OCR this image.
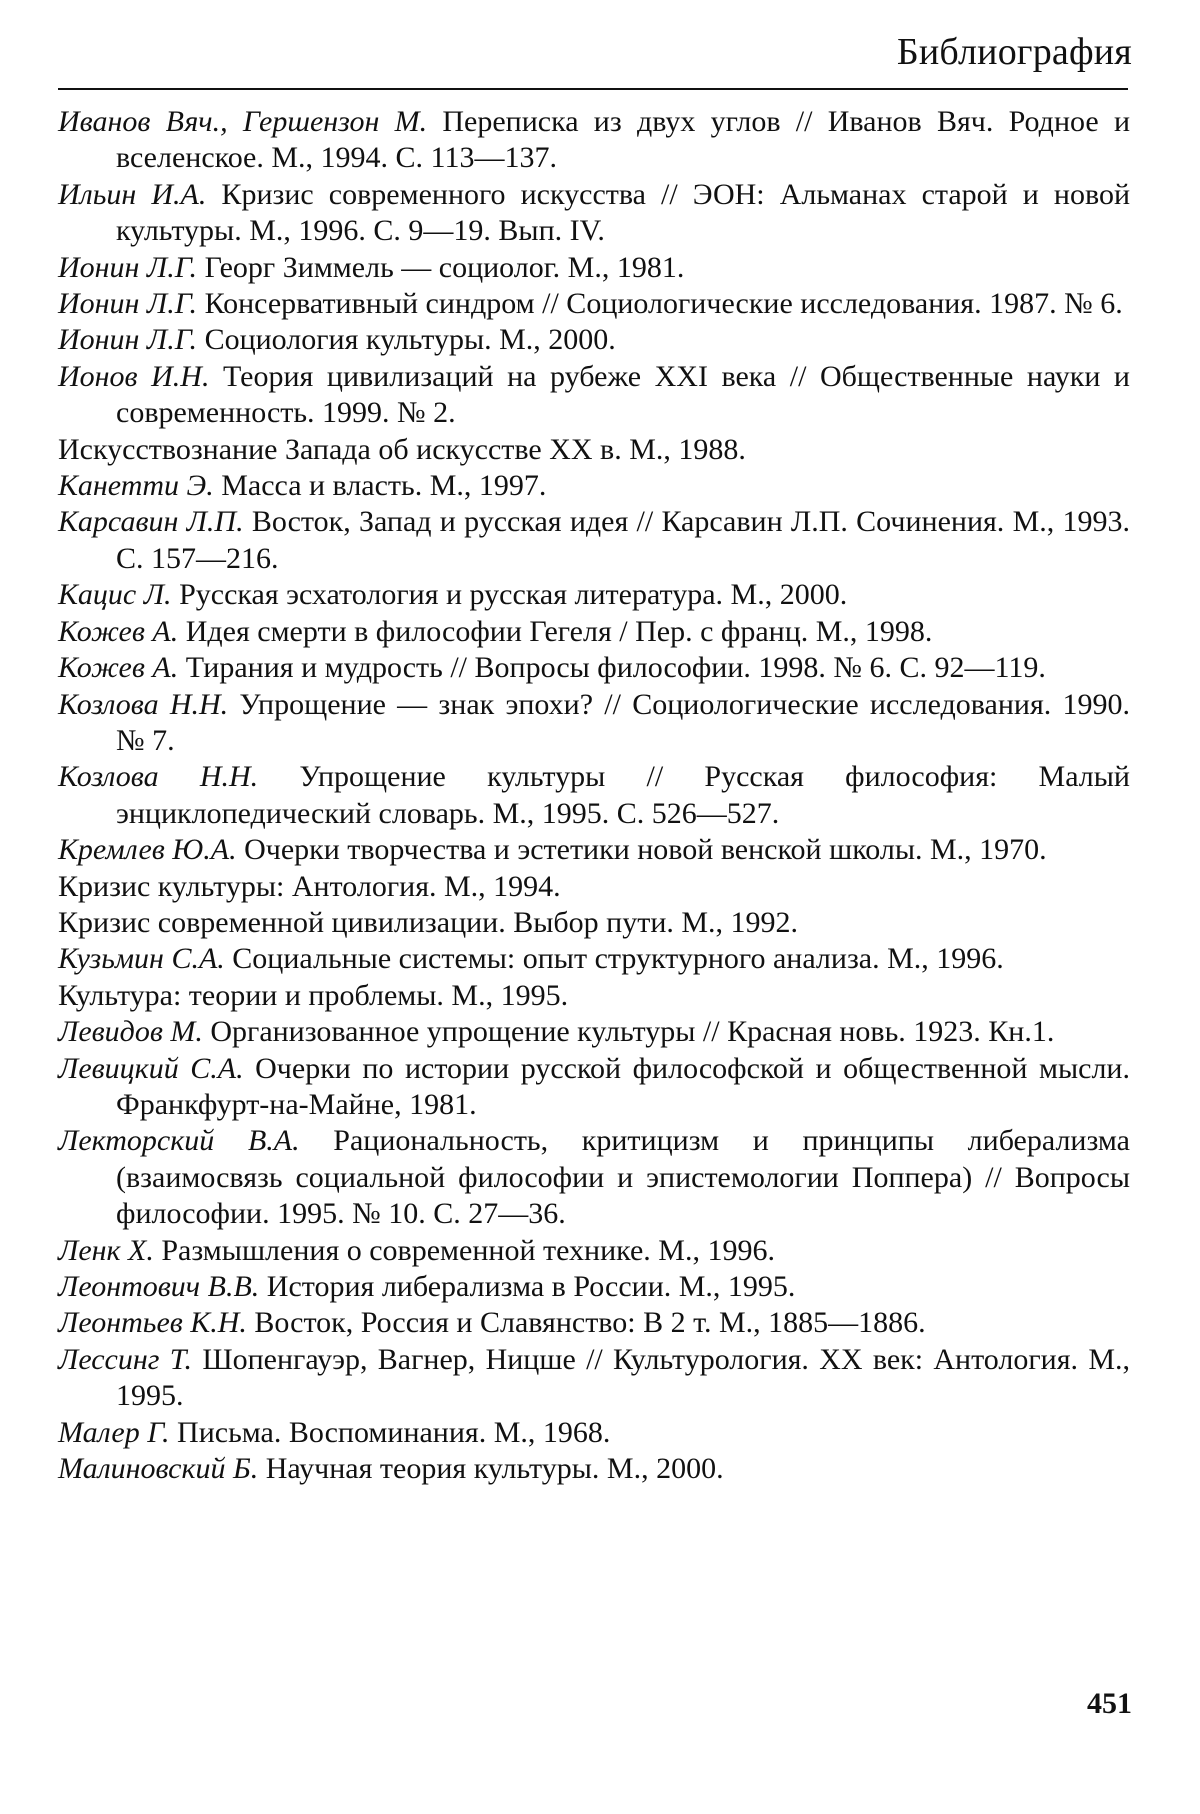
Библиография
Иванов Вяч., Гершензон М. Переписка из двух углов // Иванов Вяч. Родное и вселенское. М., 1994. С. 113—137.
Ильин И.А. Кризис современного искусства // ЭОН: Альманах старой и новой культуры. М., 1996. С. 9—19. Вып. IV.
Ионин Л.Г. Георг Зиммель — социолог. М., 1981.
Ионин Л.Г. Консервативный синдром // Социологические исследования. 1987. № 6.
Ионин Л.Г. Социология культуры. М., 2000.
Ионов И.Н. Теория цивилизаций на рубеже XXI века // Общественные науки и современность. 1999. № 2.
Искусствознание Запада об искусстве XX в. М., 1988.
Канетти Э. Масса и власть. М., 1997.
Карсавин Л.П. Восток, Запад и русская идея // Карсавин Л.П. Сочинения. М., 1993. С. 157—216.
Кацис Л. Русская эсхатология и русская литература. М., 2000.
Кожев А. Идея смерти в философии Гегеля / Пер. с франц. М., 1998.
Кожев А. Тирания и мудрость // Вопросы философии. 1998. № 6. С. 92—119.
Козлова Н.Н. Упрощение — знак эпохи? // Социологические исследования. 1990. № 7.
Козлова Н.Н. Упрощение культуры // Русская философия: Малый энциклопедический словарь. М., 1995. С. 526—527.
Кремлев Ю.А. Очерки творчества и эстетики новой венской школы. М., 1970.
Кризис культуры: Антология. М., 1994.
Кризис современной цивилизации. Выбор пути. М., 1992.
Кузьмин С.А. Социальные системы: опыт структурного анализа. М., 1996.
Культура: теории и проблемы. М., 1995.
Левидов М. Организованное упрощение культуры // Красная новь. 1923. Кн.1.
Левицкий С.А. Очерки по истории русской философской и общественной мысли. Франкфурт-на-Майне, 1981.
Лекторский В.А. Рациональность, критицизм и принципы либерализма (взаимосвязь социальной философии и эпистемологии Поппера) // Вопросы философии. 1995. № 10. С. 27—36.
Ленк Х. Размышления о современной технике. М., 1996.
Леонтович В.В. История либерализма в России. М., 1995.
Леонтьев К.Н. Восток, Россия и Славянство: В 2 т. М., 1885—1886.
Лессинг Т. Шопенгауэр, Вагнер, Ницше // Культурология. XX век: Антология. М., 1995.
Малер Г. Письма. Воспоминания. М., 1968.
Малиновский Б. Научная теория культуры. М., 2000.
451
